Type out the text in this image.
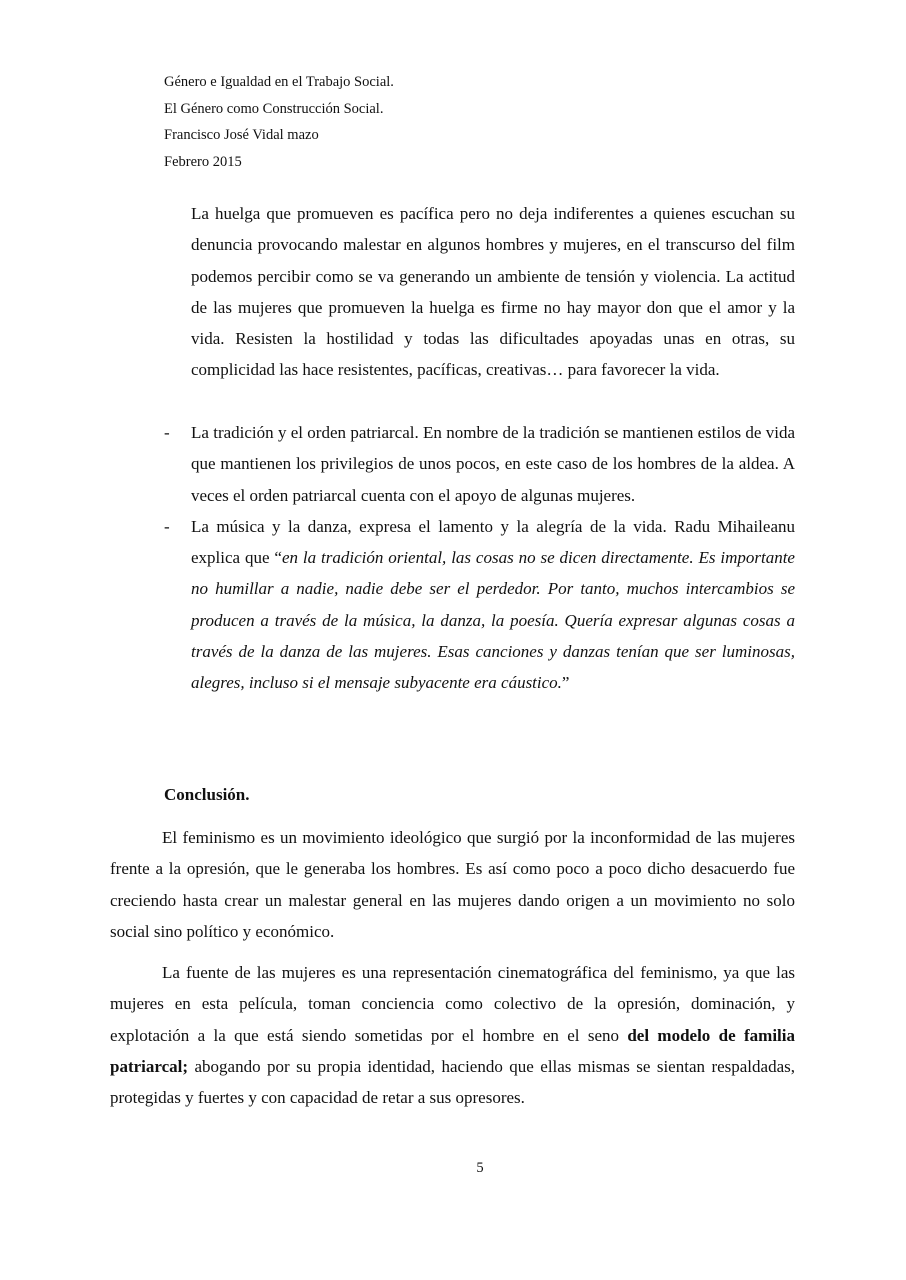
Género e Igualdad en el Trabajo Social.
El Género como Construcción Social.
Francisco José Vidal mazo
Febrero 2015
La huelga que promueven es pacífica pero no deja indiferentes a quienes escuchan su denuncia provocando malestar en algunos hombres y mujeres, en el transcurso del film podemos percibir como se va generando un ambiente de tensión y violencia. La actitud de las mujeres que promueven la huelga es firme no hay mayor don que el amor y la vida. Resisten la hostilidad y todas las dificultades apoyadas unas en otras, su complicidad las hace resistentes, pacíficas, creativas… para favorecer la vida.
-	La tradición y el orden patriarcal. En nombre de la tradición se mantienen estilos de vida que mantienen los privilegios de unos pocos, en este caso de los hombres de la aldea. A veces el orden patriarcal cuenta con el apoyo de algunas mujeres.
-	La música y la danza, expresa el lamento y la alegría de la vida. Radu Mihaileanu explica que “en la tradición oriental, las cosas no se dicen directamente. Es importante no humillar a nadie, nadie debe ser el perdedor. Por tanto, muchos intercambios se producen a través de la música, la danza, la poesía. Quería expresar algunas cosas a través de la danza de las mujeres. Esas canciones y danzas tenían que ser luminosas, alegres, incluso si el mensaje subyacente era cáustico.”
Conclusión.
El feminismo es un movimiento ideológico que surgió por la inconformidad de las mujeres frente a la opresión, que le generaba los hombres. Es así como poco a poco dicho desacuerdo fue creciendo hasta crear un malestar general en las mujeres dando origen a un movimiento no solo social sino político y económico.
La fuente de las mujeres es una representación cinematográfica del feminismo, ya que las mujeres en esta película, toman conciencia como colectivo de la opresión, dominación, y explotación a la que está siendo sometidas por el hombre en el seno del modelo de familia patriarcal; abogando por su propia identidad, haciendo que ellas mismas se sientan respaldadas, protegidas y fuertes y con capacidad de retar a sus opresores.
5
